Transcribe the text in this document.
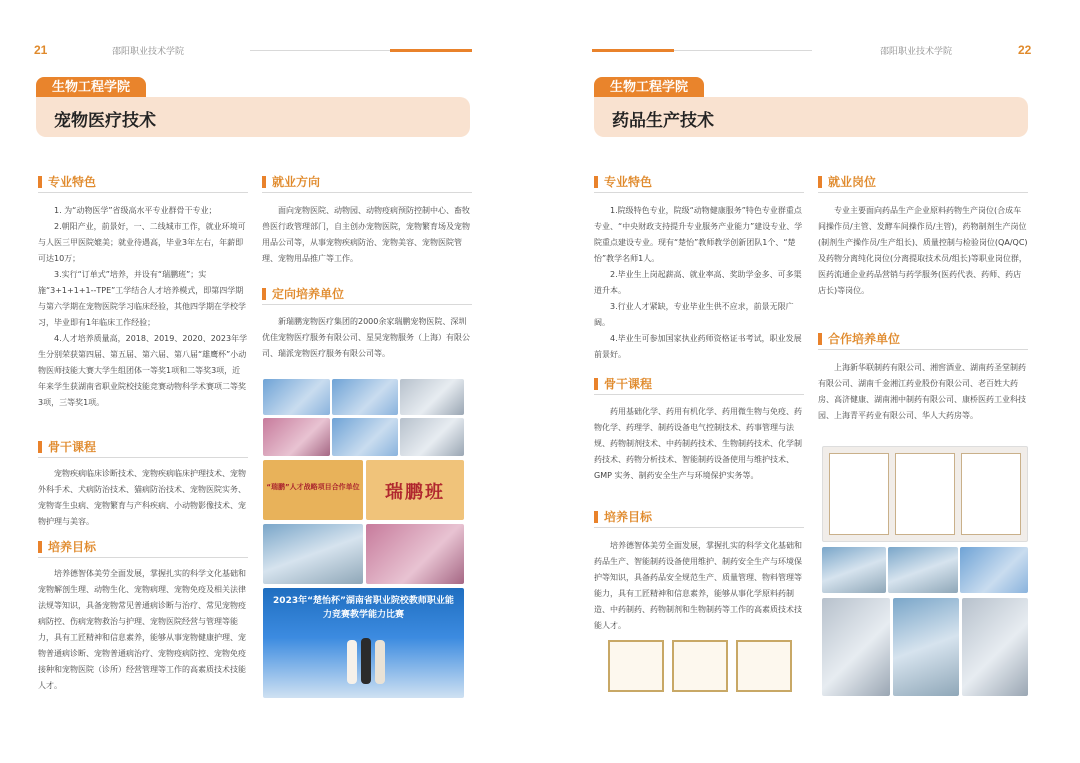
21	邵阳职业技术学院
生物工程学院
宠物医疗技术
专业特色

1. 为“动物医学”省级高水平专业群骨干专业；

2.朝阳产业，前景好，一、二线城市工作，就业环境可与人医三甲医院媲美；就业待遇高，毕业3年左右，年薪即可达10万；

3.实行“订单式”培养，并设有“瑞鹏班”；实施“3+1+1+1--TPE”工学结合人才培养模式，即第四学期与第六学期在宠物医院学习临床经验，其他四学期在学校学习，毕业即有1年临床工作经验；

4.人才培养质量高，2018、2019、2020、2023年学生分别荣获第四届、第五届、第六届、第八届“雄鹰杯”小动物医师技能大赛大学生组团体一等奖1项和二等奖3项，近年来学生获湖南省职业院校技能竞赛动物科学术赛项二等奖3项，三等奖1项。

骨干课程

宠物疾病临床诊断技术、宠物疾病临床护理技术、宠物外科手术、犬病防治技术、猫病防治技术、宠物医院实务、宠物寄生虫病、宠物繁育与产科疾病、小动物影像技术、宠物护理与美容。

培养目标

培养德智体美劳全面发展，掌握扎实的科学文化基础和宠物解剖生理、动物生化、宠物病理、宠物免疫及相关法律法规等知识，具备宠物常见普通病诊断与治疗、常见宠物疫病防控、伤病宠物救治与护理、宠物医院经营与管理等能力，具有工匠精神和信息素养，能够从事宠物健康护理、宠物普通病诊断、宠物普通病治疗、宠物疫病防控、宠物免疫接种和宠物医院（诊所）经营管理等工作的高素质技术技能人才。

就业方向

面向宠物医院、动物园、动物疫病预防控制中心、畜牧兽医行政管理部门，自主创办宠物医院，宠物繁育场及宠物用品公司等，从事宠物疾病防治、宠物美容、宠物医院管理、宠物用品推广等工作。

定向培养单位

新瑞鹏宠物医疗集团的2000余家瑞鹏宠物医院、深圳优佳宠物医疗服务有限公司、星昊宠物服务（上海）有限公司、瑞派宠物医疗服务有限公司等。

“瑞鹏”人才战略项目合作单位	瑞鹏班
2023年“楚怡杯”湖南省职业院校教师职业能力竞赛教学能力比赛
22
邵阳职业技术学院
生物工程学院
药品生产技术
专业特色

1.院级特色专业，院级“动物健康服务”特色专业群重点专业、“中央财政支持提升专业服务产业能力”建设专业、学院重点建设专业。现有“楚怡”教师教学创新团队1个、“楚怡”教学名师1人。

2.毕业生上岗起薪高、就业率高、奖助学金多、可多渠道升本。

3.行业人才紧缺，专业毕业生供不应求，前景无限广阔。

4.毕业生可参加国家执业药师资格证书考试，职业发展前景好。

骨干课程

药用基础化学、药用有机化学、药用微生物与免疫、药物化学、药理学、制药设备电气控制技术、药事管理与法规、药物制剂技术、中药制药技术、生物制药技术、化学制药技术、药物分析技术、智能制药设备使用与维护技术、GMP 实务、制药安全生产与环境保护实务等。

培养目标

培养德智体美劳全面发展，掌握扎实的科学文化基础和药品生产、智能制药设备使用维护、制药安全生产与环境保护等知识，具备药品安全规范生产、质量管理、物料管理等能力，具有工匠精神和信息素养，能够从事化学原料药制造、中药制药、药物制剂和生物制药等工作的高素质技术技能人才。

就业岗位

专业主要面向药品生产企业原料药物生产岗位(合成车间操作员/主管、发酵车间操作员/主管)，药物制剂生产岗位(制剂生产操作员/生产组长)、质量控制与检验岗位(QA/QC)及药物分离纯化岗位(分离提取技术员/组长)等职业岗位群，医药流通企业药品营销与药学服务(医药代表、药师、药店店长)等岗位。

合作培养单位

上海新华联制药有限公司、湘窖酒业、湖南药圣堂制药有限公司、湖南千金湘江药业股份有限公司、老百姓大药房、高济健康、湖南湘中制药有限公司、康桥医药工业科技园、上海青平药业有限公司、华人大药房等。
